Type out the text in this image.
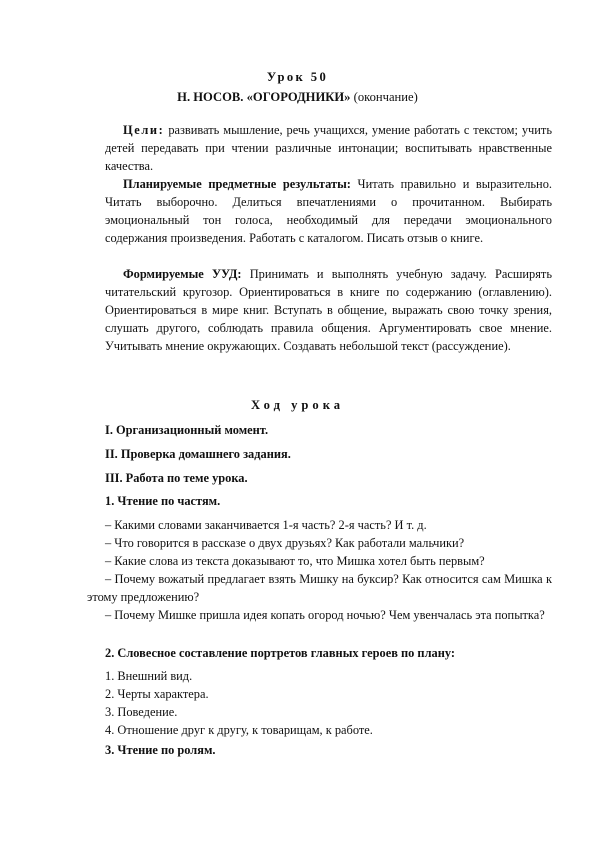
Урок 50

Н. НОСОВ. «ОГОРОДНИКИ» (окончание)

Цели: развивать мышление, речь учащихся, умение работать с текстом; учить детей передавать при чтении различные интонации; воспитывать нравственные качества.

Планируемые предметные результаты: Читать правильно и выразительно. Читать выборочно. Делиться впечатлениями о прочитанном. Выбирать эмоциональный тон голоса, необходимый для передачи эмоционального содержания произведения. Работать с каталогом. Писать отзыв о книге.

Формируемые УУД: Принимать и выполнять учебную задачу. Расширять читательский кругозор. Ориентироваться в книге по содержанию (оглавлению). Ориентироваться в мире книг. Вступать в общение, выражать свою точку зрения, слушать другого, соблюдать правила общения. Аргументировать свое мнение. Учитывать мнение окружающих. Создавать небольшой текст (рассуждение).

Ход урока

I. Организационный момент.

II. Проверка домашнего задания.

III. Работа по теме урока.

1. Чтение по частям.

– Какими словами заканчивается 1-я часть? 2-я часть? И т. д.

– Что говорится в рассказе о двух друзьях? Как работали мальчики?

– Какие слова из текста доказывают то, что Мишка хотел быть первым?

– Почему вожатый предлагает взять Мишку на буксир? Как относится сам Мишка к этому предложению?

– Почему Мишке пришла идея копать огород ночью? Чем увенчалась эта попытка?

2. Словесное составление портретов главных героев по плану:

1. Внешний вид.

2. Черты характера.

3. Поведение.

4. Отношение друг к другу, к товарищам, к работе.

3. Чтение по ролям.
